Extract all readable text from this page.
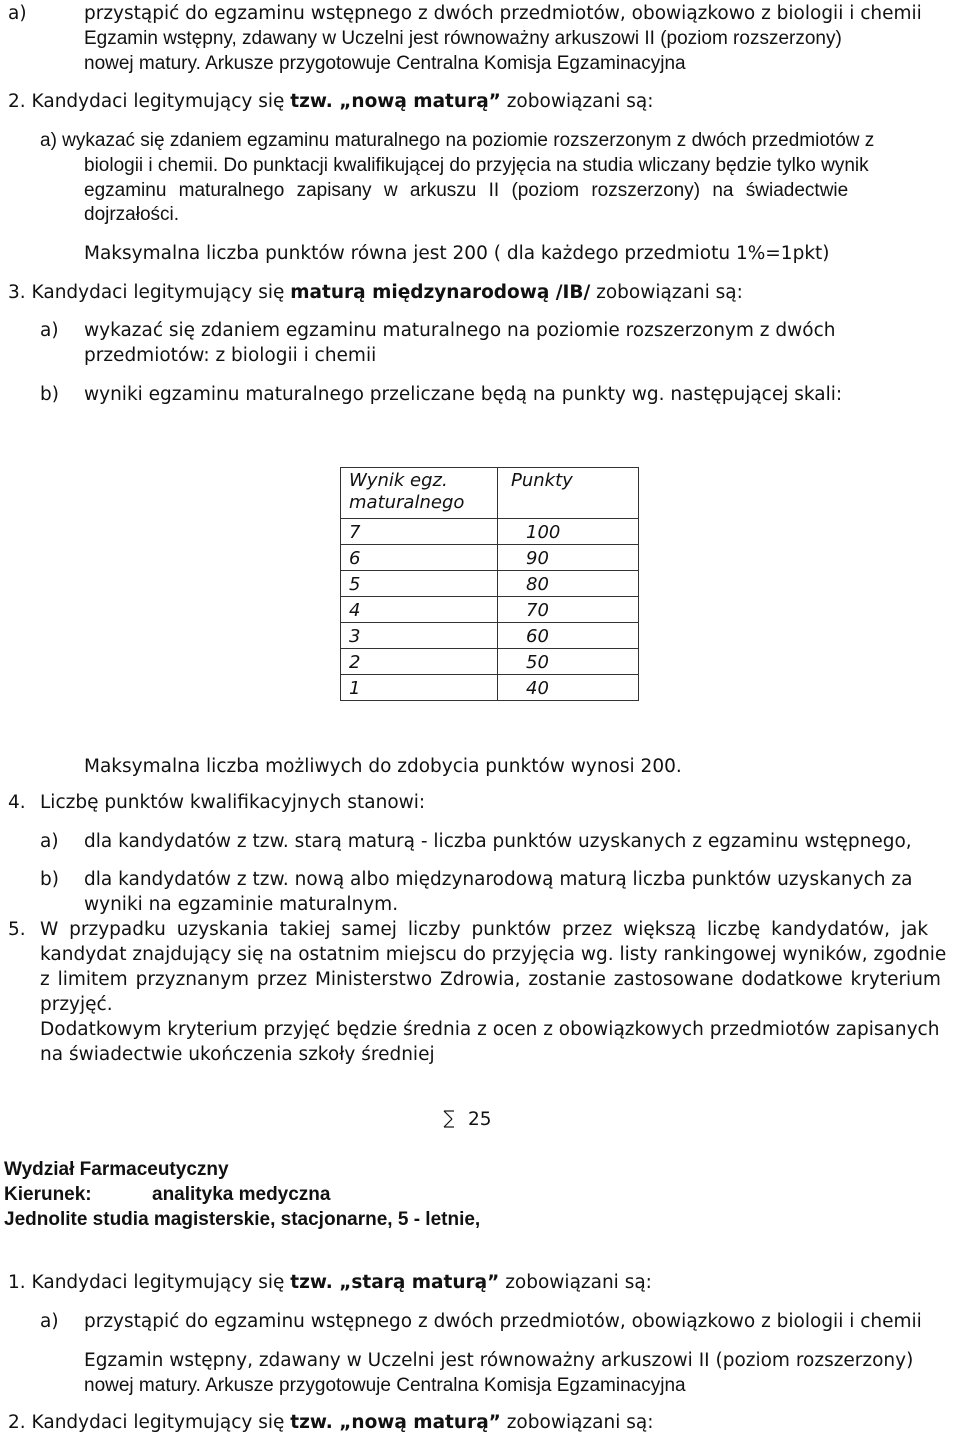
a)	przystąpić do egzaminu wstępnego z dwóch przedmiotów, obowiązkowo z biologii i chemii
Egzamin wstępny, zdawany w Uczelni jest równoważny arkuszowi II (poziom rozszerzony)
nowej matury. Arkusze przygotowuje Centralna Komisja Egzaminacyjna
2. Kandydaci legitymujący się tzw. „nową maturą” zobowiązani są:
a) wykazać się zdaniem egzaminu maturalnego na poziomie rozszerzonym z dwóch przedmiotów z
biologii i chemii. Do punktacji kwalifikującej do przyjęcia na studia wliczany będzie tylko wynik
egzaminu maturalnego zapisany w arkuszu II (poziom rozszerzony) na świadectwie
dojrzałości.
Maksymalna liczba punktów równa jest 200 ( dla każdego przedmiotu 1%=1pkt)
3. Kandydaci legitymujący się maturą międzynarodową /IB/ zobowiązani są:
a) wykazać się zdaniem egzaminu maturalnego na poziomie rozszerzonym z dwóch
przedmiotów: z biologii i chemii
b) wyniki egzaminu maturalnego przeliczane będą na punkty wg. następującej skali:
Wynik egz.
maturalnego	Punkty
7	100
6	90
5	80
4	70
3	60
2	50
1	40
Maksymalna liczba możliwych do zdobycia punktów wynosi 200.
4. Liczbę punktów kwalifikacyjnych stanowi:
a) dla kandydatów z tzw. starą maturą - liczba punktów uzyskanych z egzaminu wstępnego,
b) dla kandydatów z tzw. nową albo międzynarodową maturą liczba punktów uzyskanych za
wyniki na egzaminie maturalnym.
5. W przypadku uzyskania takiej samej liczby punktów przez większą liczbę kandydatów, jak
kandydat znajdujący się na ostatnim miejscu do przyjęcia wg. listy rankingowej wyników, zgodnie
z limitem przyznanym przez Ministerstwo Zdrowia, zostanie zastosowane dodatkowe kryterium
przyjęć.
Dodatkowym kryterium przyjęć będzie średnia z ocen z obowiązkowych przedmiotów zapisanych
na świadectwie ukończenia szkoły średniej
25
Wydział Farmaceutyczny
Kierunek:	analityka medyczna
Jednolite studia magisterskie, stacjonarne, 5 - letnie,
1. Kandydaci legitymujący się tzw. „starą maturą” zobowiązani są:
a) przystąpić do egzaminu wstępnego z dwóch przedmiotów, obowiązkowo z biologii i chemii
Egzamin wstępny, zdawany w Uczelni jest równoważny arkuszowi II (poziom rozszerzony)
nowej matury. Arkusze przygotowuje Centralna Komisja Egzaminacyjna
2. Kandydaci legitymujący się tzw. „nową maturą” zobowiązani są:
